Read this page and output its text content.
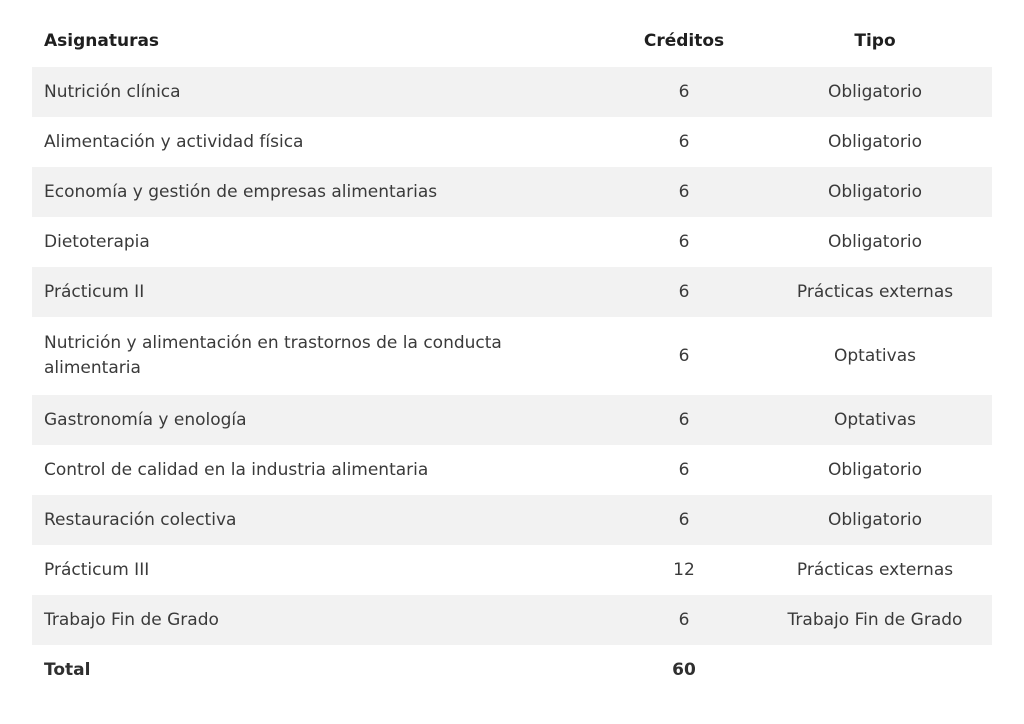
Asignaturas	Créditos	Tipo
Nutrición clínica	6	Obligatorio
Alimentación y actividad física	6	Obligatorio
Economía y gestión de empresas alimentarias	6	Obligatorio
Dietoterapia	6	Obligatorio
Prácticum II	6	Prácticas externas
Nutrición y alimentación en trastornos de la conducta alimentaria	6	Optativas
Gastronomía y enología	6	Optativas
Control de calidad en la industria alimentaria	6	Obligatorio
Restauración colectiva	6	Obligatorio
Prácticum III	12	Prácticas externas
Trabajo Fin de Grado	6	Trabajo Fin de Grado
Total	60	
